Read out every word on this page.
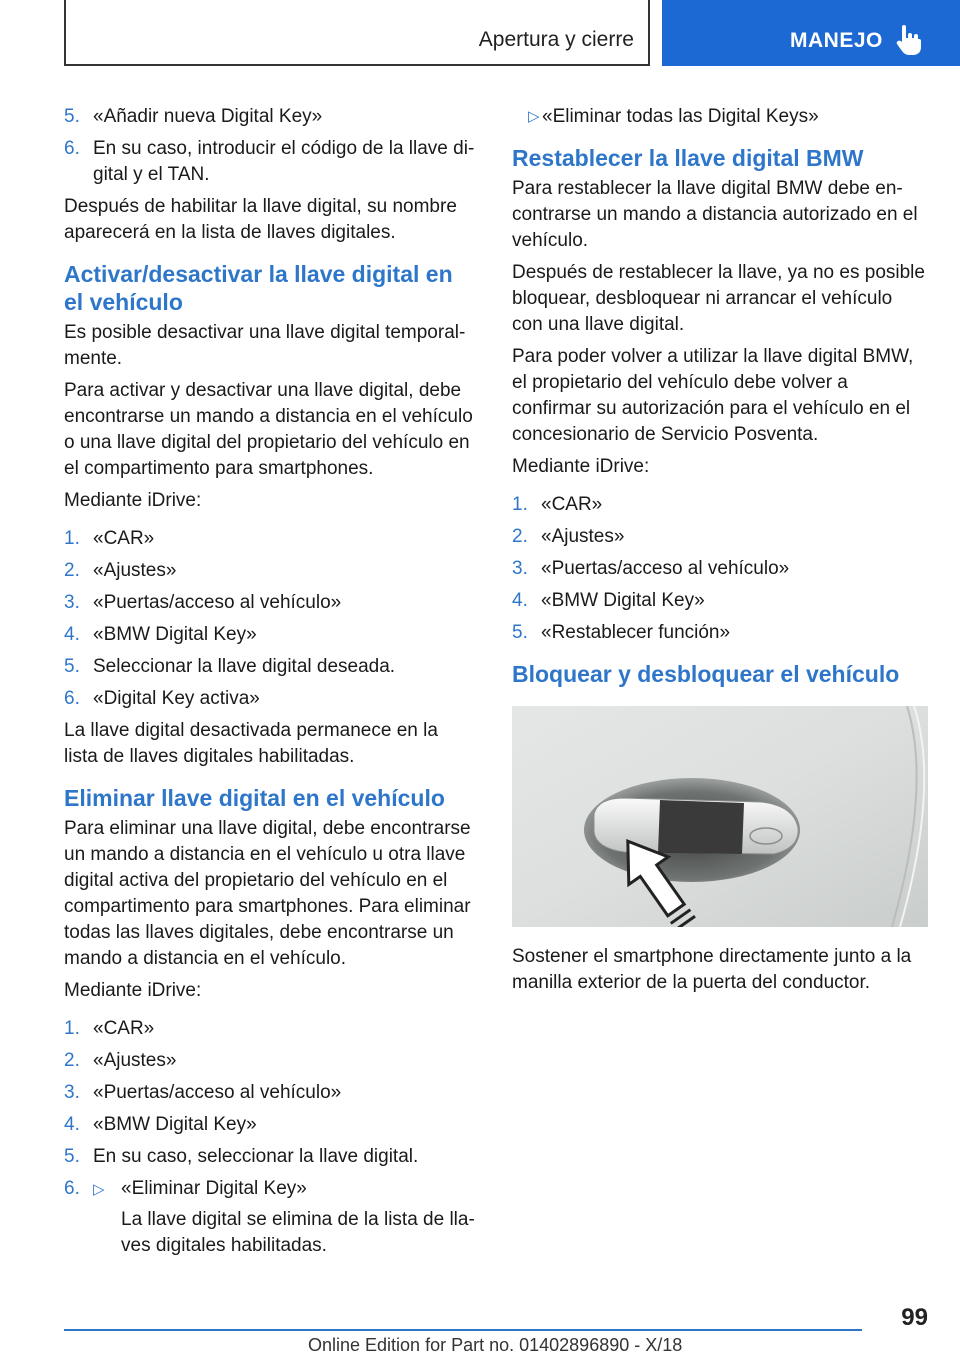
Apertura y cierre	MANEJO
5. «Añadir nueva Digital Key»
6. En su caso, introducir el código de la llave digital y el TAN.

Después de habilitar la llave digital, su nombre aparecerá en la lista de llaves digitales.

Activar/desactivar la llave digital en el vehículo

Es posible desactivar una llave digital temporalmente.

Para activar y desactivar una llave digital, debe encontrarse un mando a distancia en el vehículo o una llave digital del propietario del vehículo en el compartimento para smartphones.

Mediante iDrive:

1. «CAR»
2. «Ajustes»
3. «Puertas/acceso al vehículo»
4. «BMW Digital Key»
5. Seleccionar la llave digital deseada.
6. «Digital Key activa»

La llave digital desactivada permanece en la lista de llaves digitales habilitadas.

Eliminar llave digital en el vehículo

Para eliminar una llave digital, debe encontrarse un mando a distancia en el vehículo u otra llave digital activa del propietario del vehículo en el compartimento para smartphones. Para eliminar todas las llaves digitales, debe encontrarse un mando a distancia en el vehículo.

Mediante iDrive:

1. «CAR»
2. «Ajustes»
3. «Puertas/acceso al vehículo»
4. «BMW Digital Key»
5. En su caso, seleccionar la llave digital.
6. ▷ «Eliminar Digital Key»
La llave digital se elimina de la lista de llaves digitales habilitadas.
▷ «Eliminar todas las Digital Keys»
Restablecer la llave digital BMW

Para restablecer la llave digital BMW debe encontrarse un mando a distancia autorizado en el vehículo.

Después de restablecer la llave, ya no es posible bloquear, desbloquear ni arrancar el vehículo con una llave digital.

Para poder volver a utilizar la llave digital BMW, el propietario del vehículo debe volver a confirmar su autorización para el vehículo en el concesionario de Servicio Posventa.

Mediante iDrive:

1. «CAR»
2. «Ajustes»
3. «Puertas/acceso al vehículo»
4. «BMW Digital Key»
5. «Restablecer función»
Bloquear y desbloquear el vehículo

Sostener el smartphone directamente junto a la manilla exterior de la puerta del conductor.

99
Online Edition for Part no. 01402896890 - X/18
